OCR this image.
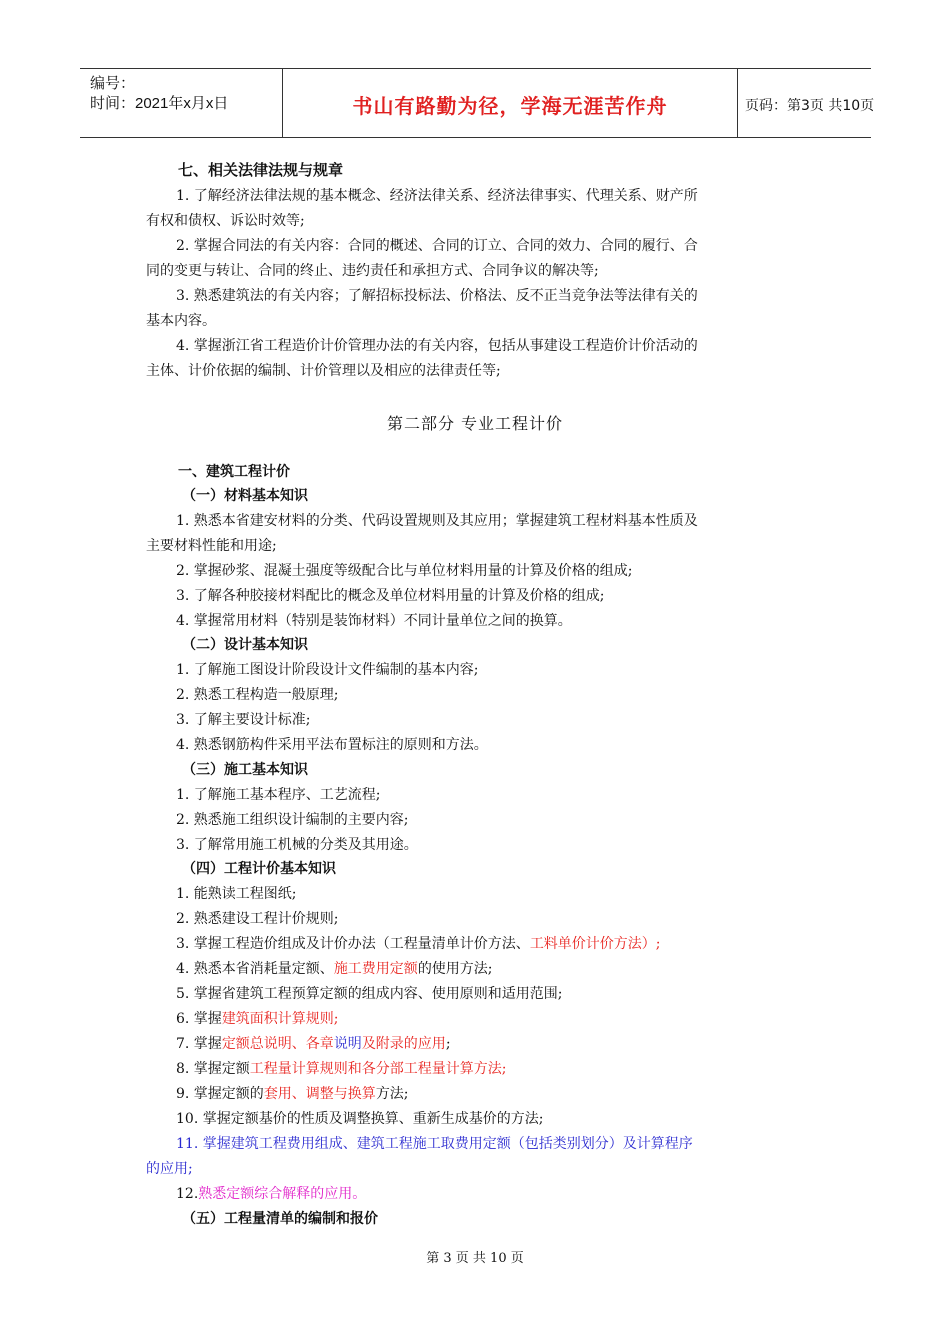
编号：
时间：2021年x月x日	书山有路勤为径，学海无涯苦作舟	页码：第3页 共10页
七、相关法律法规与规章
1. 了解经济法律法规的基本概念、经济法律关系、经济法律事实、代理关系、财产所
有权和债权、诉讼时效等;
2. 掌握合同法的有关内容：合同的概述、合同的订立、合同的效力、合同的履行、合
同的变更与转让、合同的终止、违约责任和承担方式、合同争议的解决等;
3. 熟悉建筑法的有关内容；了解招标投标法、价格法、反不正当竞争法等法律有关的
基本内容。
4. 掌握浙江省工程造价计价管理办法的有关内容，包括从事建设工程造价计价活动的
主体、计价依据的编制、计价管理以及相应的法律责任等;
第二部分 专业工程计价
一、建筑工程计价
（一）材料基本知识
1. 熟悉本省建安材料的分类、代码设置规则及其应用；掌握建筑工程材料基本性质及
主要材料性能和用途;
2. 掌握砂浆、混凝土强度等级配合比与单位材料用量的计算及价格的组成;
3. 了解各种胶接材料配比的概念及单位材料用量的计算及价格的组成;
4. 掌握常用材料（特别是装饰材料）不同计量单位之间的换算。
（二）设计基本知识
1. 了解施工图设计阶段设计文件编制的基本内容;
2. 熟悉工程构造一般原理;
3. 了解主要设计标准;
4. 熟悉钢筋构件采用平法布置标注的原则和方法。
（三）施工基本知识
1. 了解施工基本程序、工艺流程;
2. 熟悉施工组织设计编制的主要内容;
3. 了解常用施工机械的分类及其用途。
（四）工程计价基本知识
1. 能熟读工程图纸;
2. 熟悉建设工程计价规则;
3. 掌握工程造价组成及计价办法（工程量清单计价方法、工料单价计价方法）;
4. 熟悉本省消耗量定额、施工费用定额的使用方法;
5. 掌握省建筑工程预算定额的组成内容、使用原则和适用范围;
6. 掌握建筑面积计算规则;
7. 掌握定额总说明、各章说明及附录的应用;
8. 掌握定额工程量计算规则和各分部工程量计算方法;
9. 掌握定额的套用、调整与换算方法;
10. 掌握定额基价的性质及调整换算、重新生成基价的方法;
11. 掌握建筑工程费用组成、建筑工程施工取费用定额（包括类别划分）及计算程序
的应用;
12.熟悉定额综合解释的应用。
（五）工程量清单的编制和报价
第 3 页 共 10 页
